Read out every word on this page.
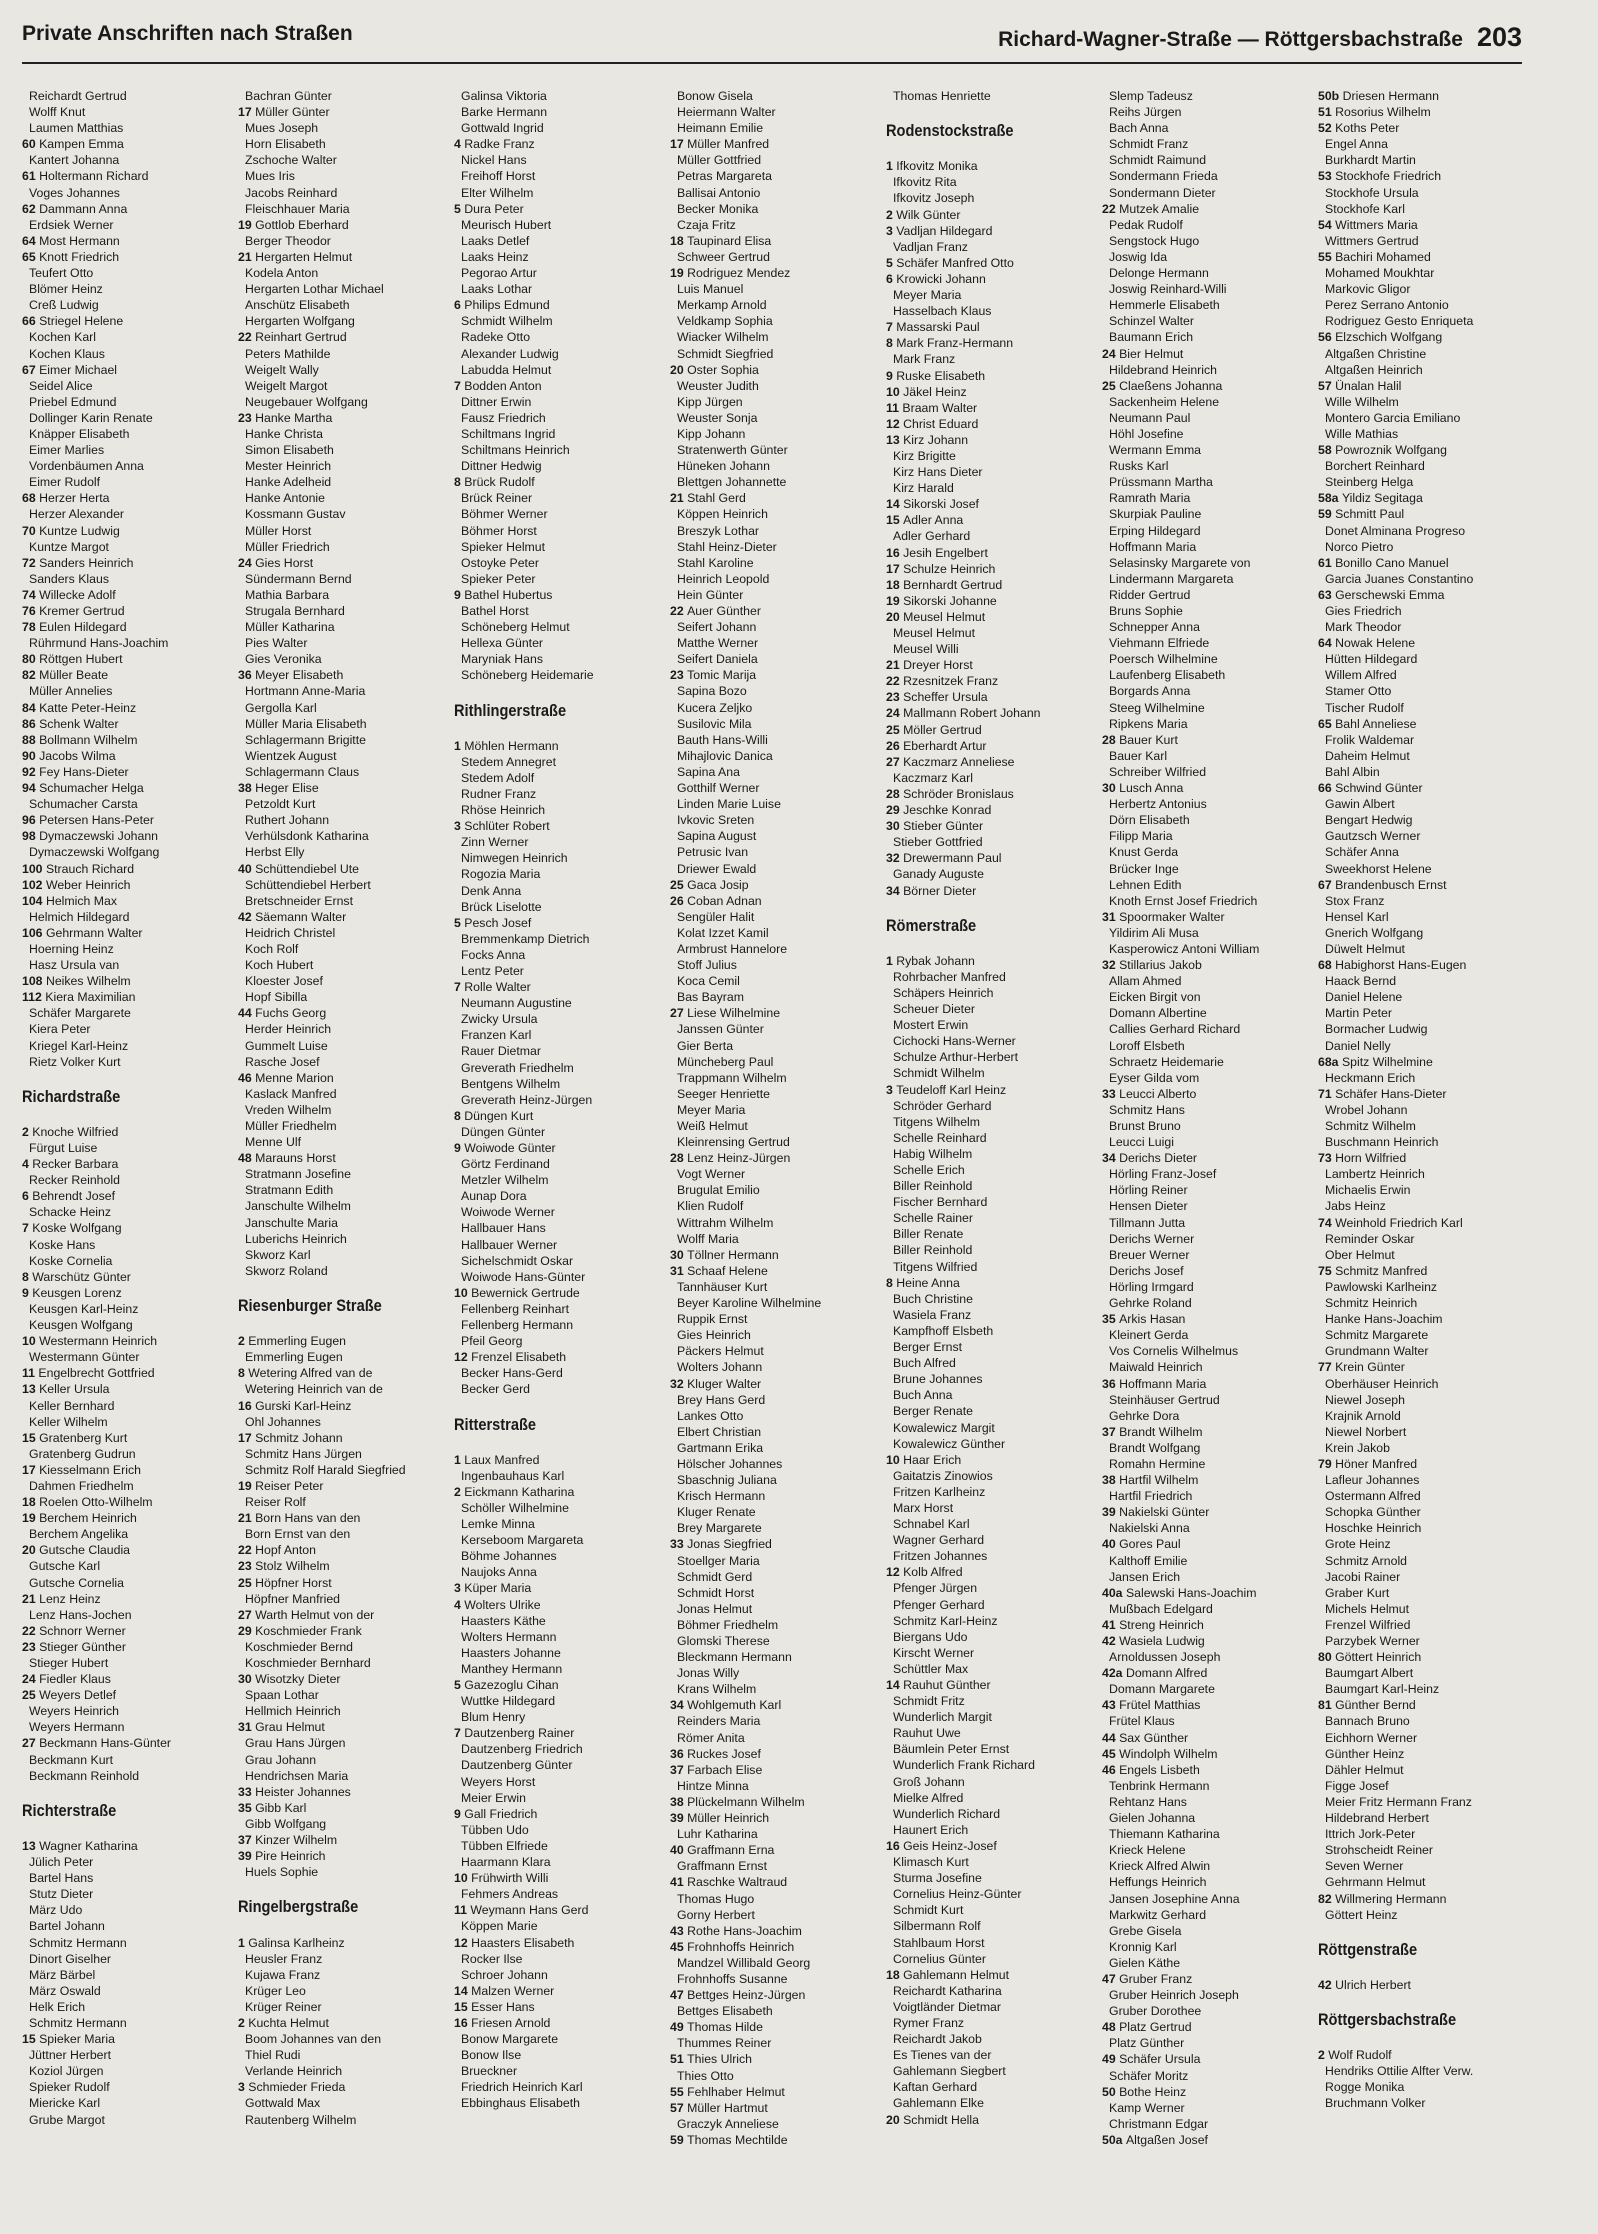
Private Anschriften nach Straßen	Richard-Wagner-Straße — Röttgersbachstraße 203
Reichardt Gertrud
Wolff Knut
Laumen Matthias
60 Kampen Emma
Kantert Johanna
61 Holtermann Richard
Voges Johannes
62 Dammann Anna
Erdsiek Werner
64 Most Hermann
65 Knott Friedrich
Teufert Otto
Blömer Heinz
Creß Ludwig
66 Striegel Helene
Kochen Karl
Kochen Klaus
67 Eimer Michael
Seidel Alice
Priebel Edmund
Dollinger Karin Renate
Knäpper Elisabeth
Eimer Marlies
Vordenbäumen Anna
Eimer Rudolf
68 Herzer Herta
Herzer Alexander
70 Kuntze Ludwig
Kuntze Margot
72 Sanders Heinrich
Sanders Klaus
74 Willecke Adolf
76 Kremer Gertrud
78 Eulen Hildegard
Rührmund Hans-Joachim
80 Röttgen Hubert
82 Müller Beate
Müller Annelies
84 Katte Peter-Heinz
86 Schenk Walter
88 Bollmann Wilhelm
90 Jacobs Wilma
92 Fey Hans-Dieter
94 Schumacher Helga
Schumacher Carsta
96 Petersen Hans-Peter
98 Dymaczewski Johann
Dymaczewski Wolfgang
100 Strauch Richard
102 Weber Heinrich
104 Helmich Max
Helmich Hildegard
106 Gehrmann Walter
Hoerning Heinz
Hasz Ursula van
108 Neikes Wilhelm
112 Kiera Maximilian
Schäfer Margarete
Kiera Peter
Kriegel Karl-Heinz
Rietz Volker Kurt
Richardstraße
2 Knoche Wilfried
Fürgut Luise
4 Recker Barbara
Recker Reinhold
6 Behrendt Josef
Schacke Heinz
7 Koske Wolfgang
Koske Hans
Koske Cornelia
8 Warschütz Günter
9 Keusgen Lorenz
Keusgen Karl-Heinz
Keusgen Wolfgang
10 Westermann Heinrich
Westermann Günter
11 Engelbrecht Gottfried
13 Keller Ursula
Keller Bernhard
Keller Wilhelm
15 Gratenberg Kurt
Gratenberg Gudrun
17 Kiesselmann Erich
Dahmen Friedhelm
18 Roelen Otto-Wilhelm
19 Berchem Heinrich
Berchem Angelika
20 Gutsche Claudia
Gutsche Karl
Gutsche Cornelia
21 Lenz Heinz
Lenz Hans-Jochen
22 Schnorr Werner
23 Stieger Günther
Stieger Hubert
24 Fiedler Klaus
25 Weyers Detlef
Weyers Heinrich
Weyers Hermann
27 Beckmann Hans-Günter
Beckmann Kurt
Beckmann Reinhold
Richterstraße
13 Wagner Katharina
Jülich Peter
Bartel Hans
Stutz Dieter
März Udo
Bartel Johann
Schmitz Hermann
Dinort Giselher
März Bärbel
März Oswald
Helk Erich
Schmitz Hermann
15 Spieker Maria
Jüttner Herbert
Koziol Jürgen
Spieker Rudolf
Miericke Karl
Grube Margot
Bachran Günter
17 Müller Günter
Mues Joseph
Horn Elisabeth
Zschoche Walter
Mues Iris
Jacobs Reinhard
Fleischhauer Maria
19 Gottlob Eberhard
Berger Theodor
21 Hergarten Helmut
Kodela Anton
Hergarten Lothar Michael
Anschütz Elisabeth
Hergarten Wolfgang
22 Reinhart Gertrud
Peters Mathilde
Weigelt Wally
Weigelt Margot
Neugebauer Wolfgang
23 Hanke Martha
Hanke Christa
Simon Elisabeth
Mester Heinrich
Hanke Adelheid
Hanke Antonie
Kossmann Gustav
Müller Horst
Müller Friedrich
24 Gies Horst
Sündermann Bernd
Mathia Barbara
Strugala Bernhard
Müller Katharina
Pies Walter
Gies Veronika
36 Meyer Elisabeth
Hortmann Anne-Maria
Gergolla Karl
Müller Maria Elisabeth
Schlagermann Brigitte
Wientzek August
Schlagermann Claus
38 Heger Elise
Petzoldt Kurt
Ruthert Johann
Verhülsdonk Katharina
Herbst Elly
40 Schüttendiebel Ute
Schüttendiebel Herbert
Bretschneider Ernst
42 Säemann Walter
Heidrich Christel
Koch Rolf
Koch Hubert
Kloester Josef
Hopf Sibilla
44 Fuchs Georg
Herder Heinrich
Gummelt Luise
Rasche Josef
46 Menne Marion
Kaslack Manfred
Vreden Wilhelm
Müller Friedhelm
Menne Ulf
48 Marauns Horst
Stratmann Josefine
Stratmann Edith
Janschulte Wilhelm
Janschulte Maria
Luberichs Heinrich
Skworz Karl
Skworz Roland
Riesenburger Straße
2 Emmerling Eugen
Emmerling Eugen
8 Wetering Alfred van de
Wetering Heinrich van de
16 Gurski Karl-Heinz
Ohl Johannes
17 Schmitz Johann
Schmitz Hans Jürgen
Schmitz Rolf Harald Siegfried
19 Reiser Peter
Reiser Rolf
21 Born Hans van den
Born Ernst van den
22 Hopf Anton
23 Stolz Wilhelm
25 Höpfner Horst
Höpfner Manfried
27 Warth Helmut von der
29 Koschmieder Frank
Koschmieder Bernd
Koschmieder Bernhard
30 Wisotzky Dieter
Spaan Lothar
Hellmich Heinrich
31 Grau Helmut
Grau Hans Jürgen
Grau Johann
Hendrichsen Maria
33 Heister Johannes
35 Gibb Karl
Gibb Wolfgang
37 Kinzer Wilhelm
39 Pire Heinrich
Huels Sophie
Ringelbergstraße
1 Galinsa Karlheinz
Heusler Franz
Kujawa Franz
Krüger Leo
Krüger Reiner
2 Kuchta Helmut
Boom Johannes van den
Thiel Rudi
Verlande Heinrich
3 Schmieder Frieda
Gottwald Max
Rautenberg Wilhelm
Galinsa Viktoria
Barke Hermann
Gottwald Ingrid
4 Radke Franz
Nickel Hans
Freihoff Horst
Elter Wilhelm
5 Dura Peter
Meurisch Hubert
Laaks Detlef
Laaks Heinz
Pegorao Artur
Laaks Lothar
6 Philips Edmund
Schmidt Wilhelm
Radeke Otto
Alexander Ludwig
Labudda Helmut
7 Bodden Anton
Dittner Erwin
Fausz Friedrich
Schiltmans Ingrid
Schiltmans Heinrich
Dittner Hedwig
8 Brück Rudolf
Brück Reiner
Böhmer Werner
Böhmer Horst
Spieker Helmut
Ostoyke Peter
Spieker Peter
9 Bathel Hubertus
Bathel Horst
Schöneberg Helmut
Hellexa Günter
Maryniak Hans
Schöneberg Heidemarie
Rithlingerstraße
1 Möhlen Hermann
Stedem Annegret
Stedem Adolf
Rudner Franz
Rhöse Heinrich
3 Schlüter Robert
Zinn Werner
Nimwegen Heinrich
Rogozia Maria
Denk Anna
Brück Liselotte
5 Pesch Josef
Bremmenkamp Dietrich
Focks Anna
Lentz Peter
7 Rolle Walter
Neumann Augustine
Zwicky Ursula
Franzen Karl
Rauer Dietmar
Greverath Friedhelm
Bentgens Wilhelm
Greverath Heinz-Jürgen
8 Düngen Kurt
Düngen Günter
9 Woiwode Günter
Görtz Ferdinand
Metzler Wilhelm
Aunap Dora
Woiwode Werner
Hallbauer Hans
Hallbauer Werner
Sichelschmidt Oskar
Woiwode Hans-Günter
10 Bewernick Gertrude
Fellenberg Reinhart
Fellenberg Hermann
Pfeil Georg
12 Frenzel Elisabeth
Becker Hans-Gerd
Becker Gerd
Ritterstraße
1 Laux Manfred
Ingenbauhaus Karl
2 Eickmann Katharina
Schöller Wilhelmine
Lemke Minna
Kerseboom Margareta
Böhme Johannes
Naujoks Anna
3 Küper Maria
4 Wolters Ulrike
Haasters Käthe
Wolters Hermann
Haasters Johanne
Manthey Hermann
5 Gazezoglu Cihan
Wuttke Hildegard
Blum Henry
7 Dautzenberg Rainer
Dautzenberg Friedrich
Dautzenberg Günter
Weyers Horst
Meier Erwin
9 Gall Friedrich
Tübben Udo
Tübben Elfriede
Haarmann Klara
10 Frühwirth Willi
Fehmers Andreas
11 Weymann Hans Gerd
Köppen Marie
12 Haasters Elisabeth
Rocker Ilse
Schroer Johann
14 Malzen Werner
15 Esser Hans
16 Friesen Arnold
Bonow Margarete
Bonow Ilse
Brueckner
Friedrich Heinrich Karl
Ebbinghaus Elisabeth
Bonow Gisela
Heiermann Walter
Heimann Emilie
17 Müller Manfred
Müller Gottfried
Petras Margareta
Ballisai Antonio
Becker Monika
Czaja Fritz
18 Taupinard Elisa
Schweer Gertrud
19 Rodriguez Mendez
Luis Manuel
Merkamp Arnold
Veldkamp Sophia
Wiacker Wilhelm
Schmidt Siegfried
20 Oster Sophia
Weuster Judith
Kipp Jürgen
Weuster Sonja
Kipp Johann
Stratenwerth Günter
Hüneken Johann
Blettgen Johannette
21 Stahl Gerd
Köppen Heinrich
Breszyk Lothar
Stahl Heinz-Dieter
Stahl Karoline
Heinrich Leopold
Hein Günter
22 Auer Günther
Seifert Johann
Matthe Werner
Seifert Daniela
23 Tomic Marija
Sapina Bozo
Kucera Zeljko
Susilovic Mila
Bauth Hans-Willi
Mihajlovic Danica
Sapina Ana
Gotthilf Werner
Linden Marie Luise
Ivkovic Sreten
Sapina August
Petrusic Ivan
Driewer Ewald
25 Gaca Josip
26 Coban Adnan
Sengüler Halit
Kolat Izzet Kamil
Armbrust Hannelore
Stoff Julius
Koca Cemil
Bas Bayram
27 Liese Wilhelmine
Janssen Günter
Gier Berta
Müncheberg Paul
Trappmann Wilhelm
Seeger Henriette
Meyer Maria
Weiß Helmut
Kleinrensing Gertrud
28 Lenz Heinz-Jürgen
Vogt Werner
Brugulat Emilio
Klien Rudolf
Wittrahm Wilhelm
Wolff Maria
30 Töllner Hermann
31 Schaaf Helene
Tannhäuser Kurt
Beyer Karoline Wilhelmine
Ruppik Ernst
Gies Heinrich
Päckers Helmut
Wolters Johann
32 Kluger Walter
Brey Hans Gerd
Lankes Otto
Elbert Christian
Gartmann Erika
Hölscher Johannes
Sbaschnig Juliana
Krisch Hermann
Kluger Renate
Brey Margarete
33 Jonas Siegfried
Stoellger Maria
Schmidt Gerd
Schmidt Horst
Jonas Helmut
Böhmer Friedhelm
Glomski Therese
Bleckmann Hermann
Jonas Willy
Krans Wilhelm
34 Wohlgemuth Karl
Reinders Maria
Römer Anita
36 Ruckes Josef
37 Farbach Elise
Hintze Minna
38 Plückelmann Wilhelm
39 Müller Heinrich
Luhr Katharina
40 Graffmann Erna
Graffmann Ernst
41 Raschke Waltraud
Thomas Hugo
Gorny Herbert
43 Rothe Hans-Joachim
45 Frohnhoffs Heinrich
Mandzel Willibald Georg
Frohnhoffs Susanne
47 Bettges Heinz-Jürgen
Bettges Elisabeth
49 Thomas Hilde
Thummes Reiner
51 Thies Ulrich
Thies Otto
55 Fehlhaber Helmut
57 Müller Hartmut
Graczyk Anneliese
59 Thomas Mechtilde
Thomas Henriette
Rodenstockstraße
1 Ifkovitz Monika
Ifkovitz Rita
Ifkovitz Joseph
2 Wilk Günter
3 Vadljan Hildegard
Vadljan Franz
5 Schäfer Manfred Otto
6 Krowicki Johann
Meyer Maria
Hasselbach Klaus
7 Massarski Paul
8 Mark Franz-Hermann
Mark Franz
9 Ruske Elisabeth
10 Jäkel Heinz
11 Braam Walter
12 Christ Eduard
13 Kirz Johann
Kirz Brigitte
Kirz Hans Dieter
Kirz Harald
14 Sikorski Josef
15 Adler Anna
Adler Gerhard
16 Jesih Engelbert
17 Schulze Heinrich
18 Bernhardt Gertrud
19 Sikorski Johanne
20 Meusel Helmut
Meusel Helmut
Meusel Willi
21 Dreyer Horst
22 Rzesnitzek Franz
23 Scheffer Ursula
24 Mallmann Robert Johann
25 Möller Gertrud
26 Eberhardt Artur
27 Kaczmarz Anneliese
Kaczmarz Karl
28 Schröder Bronislaus
29 Jeschke Konrad
30 Stieber Günter
Stieber Gottfried
32 Drewermann Paul
Ganady Auguste
34 Börner Dieter
Römerstraße
1 Rybak Johann
Rohrbacher Manfred
Schäpers Heinrich
Scheuer Dieter
Mostert Erwin
Cichocki Hans-Werner
Schulze Arthur-Herbert
Schmidt Wilhelm
3 Teudeloff Karl Heinz
Schröder Gerhard
Titgens Wilhelm
Schelle Reinhard
Habig Wilhelm
Schelle Erich
Biller Reinhold
Fischer Bernhard
Schelle Rainer
Biller Renate
Biller Reinhold
Titgens Wilfried
8 Heine Anna
Buch Christine
Wasiela Franz
Kampfhoff Elsbeth
Berger Ernst
Buch Alfred
Brune Johannes
Buch Anna
Berger Renate
Kowalewicz Margit
Kowalewicz Günther
10 Haar Erich
Gaitatzis Zinowios
Fritzen Karlheinz
Marx Horst
Schnabel Karl
Wagner Gerhard
Fritzen Johannes
12 Kolb Alfred
Pfenger Jürgen
Pfenger Gerhard
Schmitz Karl-Heinz
Biergans Udo
Kirscht Werner
Schüttler Max
14 Rauhut Günther
Schmidt Fritz
Wunderlich Margit
Rauhut Uwe
Bäumlein Peter Ernst
Wunderlich Frank Richard
Groß Johann
Mielke Alfred
Wunderlich Richard
Haunert Erich
16 Geis Heinz-Josef
Klimasch Kurt
Sturma Josefine
Cornelius Heinz-Günter
Schmidt Kurt
Silbermann Rolf
Stahlbaum Horst
Cornelius Günter
18 Gahlemann Helmut
Reichardt Katharina
Voigtländer Dietmar
Rymer Franz
Reichardt Jakob
Es Tienes van der
Gahlemann Siegbert
Kaftan Gerhard
Gahlemann Elke
20 Schmidt Hella
Slemp Tadeusz
Reihs Jürgen
Bach Anna
Schmidt Franz
Schmidt Raimund
Sondermann Frieda
Sondermann Dieter
22 Mutzek Amalie
Pedak Rudolf
Sengstock Hugo
Joswig Ida
Delonge Hermann
Joswig Reinhard-Willi
Hemmerle Elisabeth
Schinzel Walter
Baumann Erich
24 Bier Helmut
Hildebrand Heinrich
25 Claeßens Johanna
Sackenheim Helene
Neumann Paul
Höhl Josefine
Wermann Emma
Rusks Karl
Prüssmann Martha
Ramrath Maria
Skurpiak Pauline
Erping Hildegard
Hoffmann Maria
Selasinsky Margarete von
Lindermann Margareta
Ridder Gertrud
Bruns Sophie
Schnepper Anna
Viehmann Elfriede
Poersch Wilhelmine
Laufenberg Elisabeth
Borgards Anna
Steeg Wilhelmine
Ripkens Maria
28 Bauer Kurt
Bauer Karl
Schreiber Wilfried
30 Lusch Anna
Herbertz Antonius
Dörn Elisabeth
Filipp Maria
Knust Gerda
Brücker Inge
Lehnen Edith
Knoth Ernst Josef Friedrich
31 Spoormaker Walter
Yildirim Ali Musa
Kasperowicz Antoni William
32 Stillarius Jakob
Allam Ahmed
Eicken Birgit von
Domann Albertine
Callies Gerhard Richard
Loroff Elsbeth
Schraetz Heidemarie
Eyser Gilda vom
33 Leucci Alberto
Schmitz Hans
Brunst Bruno
Leucci Luigi
34 Derichs Dieter
Hörling Franz-Josef
Hörling Reiner
Hensen Dieter
Tillmann Jutta
Derichs Werner
Breuer Werner
Derichs Josef
Hörling Irmgard
Gehrke Roland
35 Arkis Hasan
Kleinert Gerda
Vos Cornelis Wilhelmus
Maiwald Heinrich
36 Hoffmann Maria
Steinhäuser Gertrud
Gehrke Dora
37 Brandt Wilhelm
Brandt Wolfgang
Romahn Hermine
38 Hartfil Wilhelm
Hartfil Friedrich
39 Nakielski Günter
Nakielski Anna
40 Gores Paul
Kalthoff Emilie
Jansen Erich
40a Salewski Hans-Joachim
Mußbach Edelgard
41 Streng Heinrich
42 Wasiela Ludwig
Arnoldussen Joseph
42a Domann Alfred
Domann Margarete
43 Frütel Matthias
Frütel Klaus
44 Sax Günther
45 Windolph Wilhelm
46 Engels Lisbeth
Tenbrink Hermann
Rehtanz Hans
Gielen Johanna
Thiemann Katharina
Krieck Helene
Krieck Alfred Alwin
Heffungs Heinrich
Jansen Josephine Anna
Markwitz Gerhard
Grebe Gisela
Kronnig Karl
Gielen Käthe
47 Gruber Franz
Gruber Heinrich Joseph
Gruber Dorothee
48 Platz Gertrud
Platz Günther
49 Schäfer Ursula
Schäfer Moritz
50 Bothe Heinz
Kamp Werner
Christmann Edgar
50a Altgaßen Josef
50b Driesen Hermann
51 Rosorius Wilhelm
52 Koths Peter
Engel Anna
Burkhardt Martin
53 Stockhofe Friedrich
Stockhofe Ursula
Stockhofe Karl
54 Wittmers Maria
Wittmers Gertrud
55 Bachiri Mohamed
Mohamed Moukhtar
Markovic Gligor
Perez Serrano Antonio
Rodriguez Gesto Enriqueta
56 Elzschich Wolfgang
Altgaßen Christine
Altgaßen Heinrich
57 Ünalan Halil
Wille Wilhelm
Montero Garcia Emiliano
Wille Mathias
58 Powroznik Wolfgang
Borchert Reinhard
Steinberg Helga
58a Yildiz Segitaga
59 Schmitt Paul
Donet Alminana Progreso
Norco Pietro
61 Bonillo Cano Manuel
Garcia Juanes Constantino
63 Gerschewski Emma
Gies Friedrich
Mark Theodor
64 Nowak Helene
Hütten Hildegard
Willem Alfred
Stamer Otto
Tischer Rudolf
65 Bahl Anneliese
Frolik Waldemar
Daheim Helmut
Bahl Albin
66 Schwind Günter
Gawin Albert
Bengart Hedwig
Gautzsch Werner
Schäfer Anna
Sweekhorst Helene
67 Brandenbusch Ernst
Stox Franz
Hensel Karl
Gnerich Wolfgang
Düwelt Helmut
68 Habighorst Hans-Eugen
Haack Bernd
Daniel Helene
Martin Peter
Bormacher Ludwig
Daniel Nelly
68a Spitz Wilhelmine
Heckmann Erich
71 Schäfer Hans-Dieter
Wrobel Johann
Schmitz Wilhelm
Buschmann Heinrich
73 Horn Wilfried
Lambertz Heinrich
Michaelis Erwin
Jabs Heinz
74 Weinhold Friedrich Karl
Reminder Oskar
Ober Helmut
75 Schmitz Manfred
Pawlowski Karlheinz
Schmitz Heinrich
Hanke Hans-Joachim
Schmitz Margarete
Grundmann Walter
77 Krein Günter
Oberhäuser Heinrich
Niewel Joseph
Krajnik Arnold
Niewel Norbert
Krein Jakob
79 Höner Manfred
Lafleur Johannes
Ostermann Alfred
Schopka Günther
Hoschke Heinrich
Grote Heinz
Schmitz Arnold
Jacobi Rainer
Graber Kurt
Michels Helmut
Frenzel Wilfried
Parzybek Werner
80 Göttert Heinrich
Baumgart Albert
Baumgart Karl-Heinz
81 Günther Bernd
Bannach Bruno
Eichhorn Werner
Günther Heinz
Dähler Helmut
Figge Josef
Meier Fritz Hermann Franz
Hildebrand Herbert
Ittrich Jork-Peter
Strohscheidt Reiner
Seven Werner
Gehrmann Helmut
82 Willmering Hermann
Göttert Heinz
Röttgenstraße
42 Ulrich Herbert
Röttgersbachstraße
2 Wolf Rudolf
Hendriks Ottilie Alfter Verw.
Rogge Monika
Bruchmann Volker
